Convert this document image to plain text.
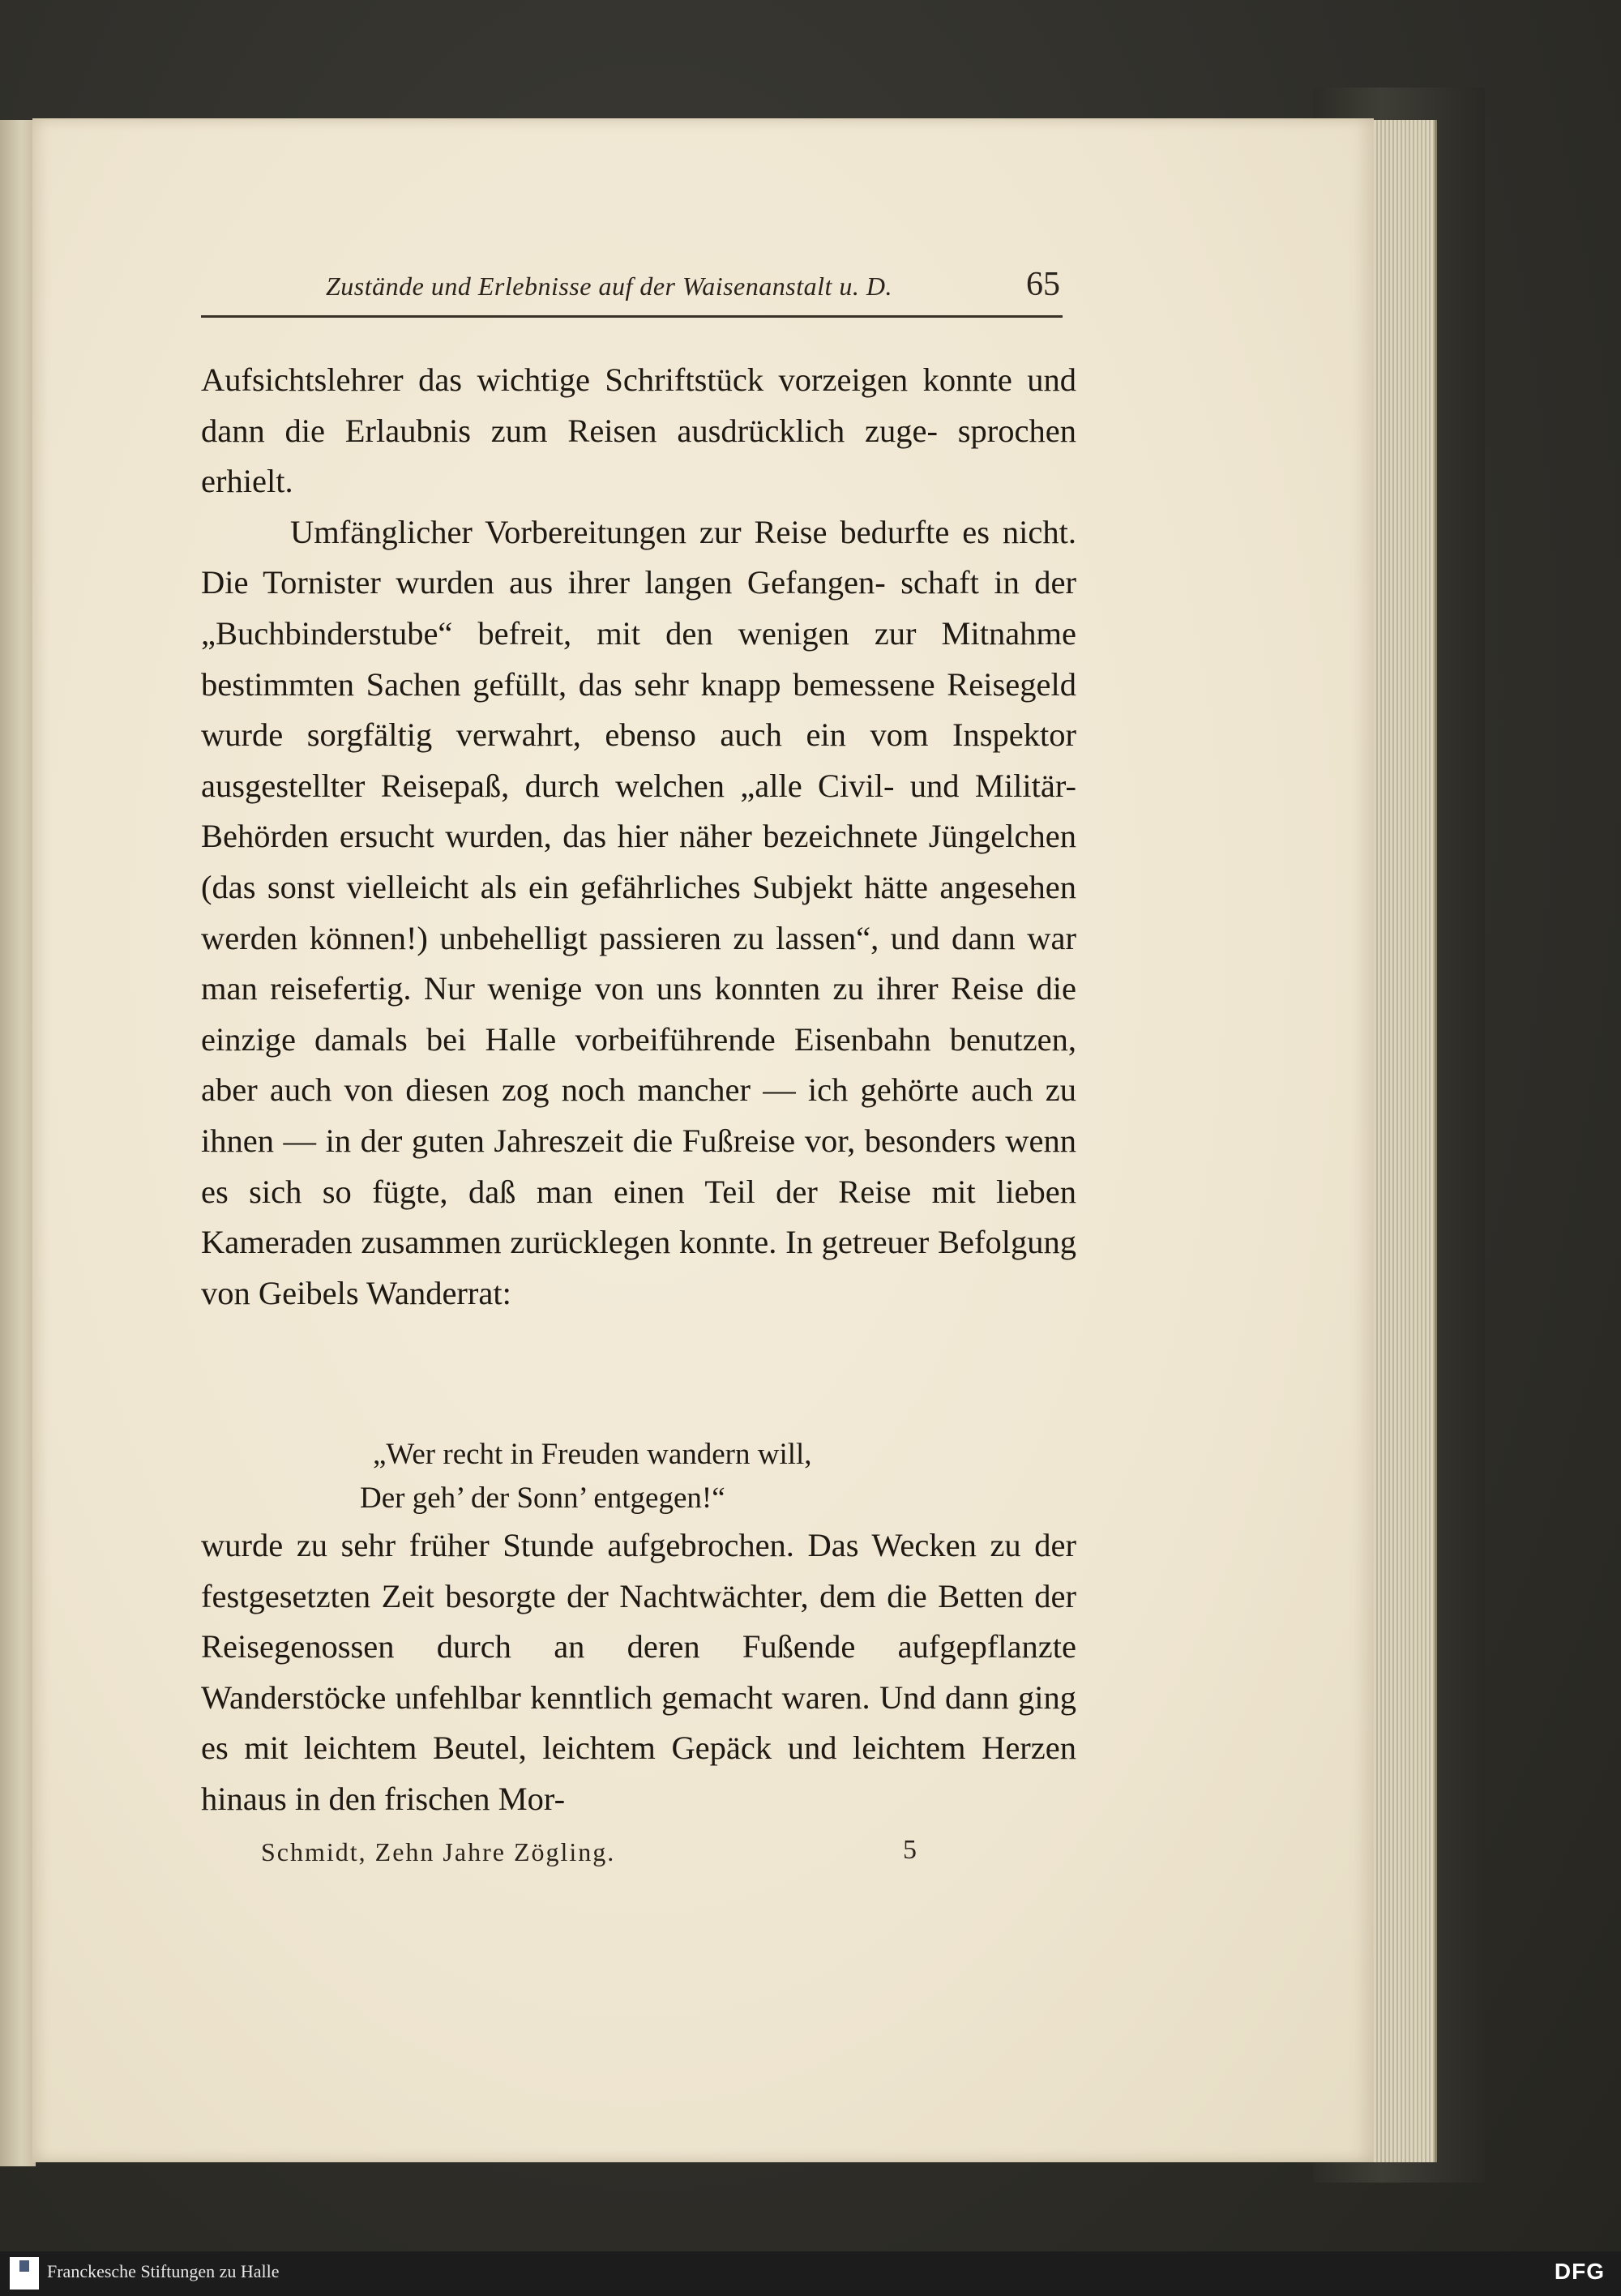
Zustände und Erlebnisse auf der Waisenanstalt u. D.	65

Aufsichtslehrer das wichtige Schriftstück vorzeigen konnte und dann die Erlaubnis zum Reisen ausdrücklich zuge- sprochen erhielt.

Umfänglicher Vorbereitungen zur Reise bedurfte es nicht. Die Tornister wurden aus ihrer langen Gefangen- schaft in der „Buchbinderstube“ befreit, mit den wenigen zur Mitnahme bestimmten Sachen gefüllt, das sehr knapp bemessene Reisegeld wurde sorgfältig verwahrt, ebenso auch ein vom Inspektor ausgestellter Reisepaß, durch welchen „alle Civil- und Militär-Behörden ersucht wurden, das hier näher bezeichnete Jüngelchen (das sonst vielleicht als ein gefährliches Subjekt hätte angesehen werden können!) unbehelligt passieren zu lassen“, und dann war man reisefertig. Nur wenige von uns konnten zu ihrer Reise die einzige damals bei Halle vorbeiführende Eisenbahn benutzen, aber auch von diesen zog noch mancher — ich gehörte auch zu ihnen — in der guten Jahreszeit die Fußreise vor, besonders wenn es sich so fügte, daß man einen Teil der Reise mit lieben Kameraden zusammen zurücklegen konnte. In getreuer Befolgung von Geibels Wanderrat:

„Wer recht in Freuden wandern will,
Der geh’ der Sonn’ entgegen!“

wurde zu sehr früher Stunde aufgebrochen. Das Wecken zu der festgesetzten Zeit besorgte der Nachtwächter, dem die Betten der Reisegenossen durch an deren Fußende aufgepflanzte Wanderstöcke unfehlbar kenntlich gemacht waren. Und dann ging es mit leichtem Beutel, leichtem Gepäck und leichtem Herzen hinaus in den frischen Mor-

Schmidt, Zehn Jahre Zögling.	5
Franckesche Stiftungen zu Halle	DFG
